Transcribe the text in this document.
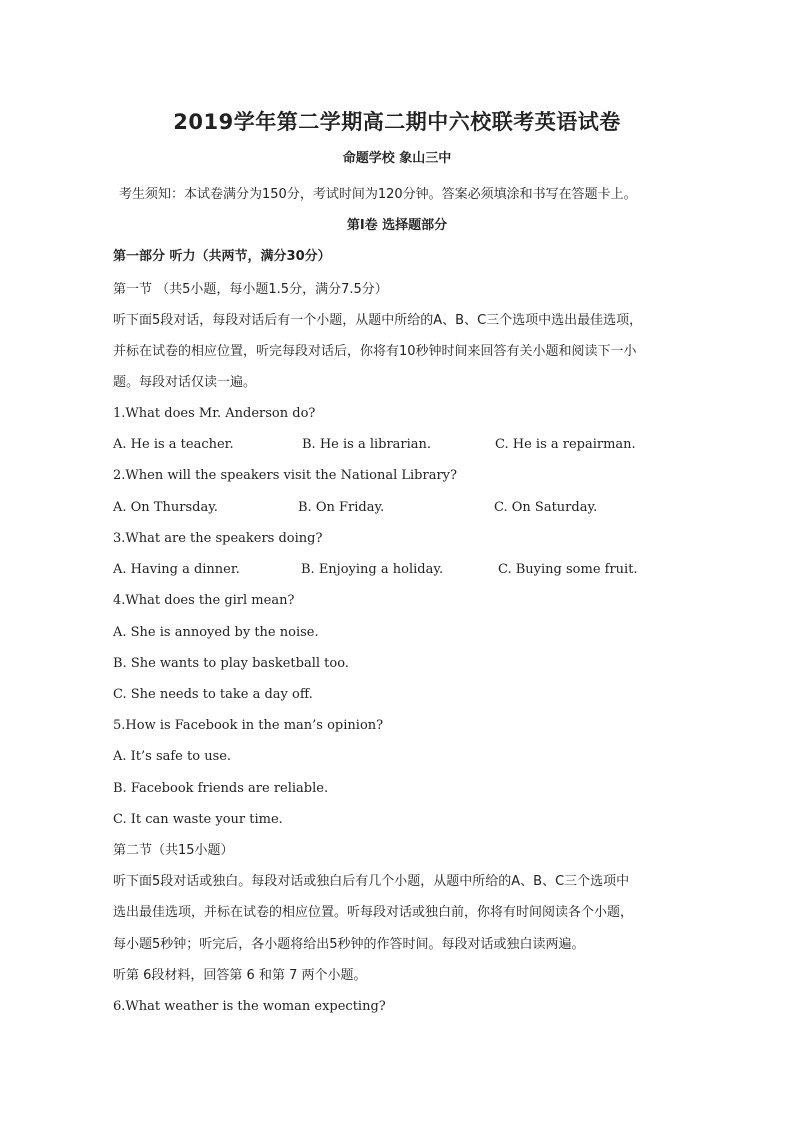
2019学年第二学期高二期中六校联考英语试卷
命题学校 象山三中
考生须知：本试卷满分为150分，考试时间为120分钟。答案必须填涂和书写在答题卡上。
第Ⅰ卷 选择题部分
第一部分 听力（共两节，满分30分）
第一节 （共5小题，每小题1.5分，满分7.5分）
听下面5段对话，每段对话后有一个小题，从题中所给的A、B、C三个选项中选出最佳选项，
并标在试卷的相应位置，听完每段对话后，你将有10秒钟时间来回答有关小题和阅读下一小
题。每段对话仅读一遍。
1.What does Mr. Anderson do?
A. He is a teacher.	B. He is a librarian.	C. He is a repairman.
2.When will the speakers visit the National Library?
A. On Thursday.	B. On Friday.	C. On Saturday.
3.What are the speakers doing?
A. Having a dinner.	B. Enjoying a holiday.	C. Buying some fruit.
4.What does the girl mean?
A. She is annoyed by the noise.
B. She wants to play basketball too.
C. She needs to take a day off.
5.How is Facebook in the man’s opinion?
A. It’s safe to use.
B. Facebook friends are reliable.
C. It can waste your time.
第二节（共15小题）
听下面5段对话或独白。每段对话或独白后有几个小题，从题中所给的A、B、C三个选项中
选出最佳选项，并标在试卷的相应位置。听每段对话或独白前，你将有时间阅读各个小题，
每小题5秒钟；听完后，各小题将给出5秒钟的作答时间。每段对话或独白读两遍。
听第 6段材料，回答第 6 和第 7 两个小题。
6.What weather is the woman expecting?
